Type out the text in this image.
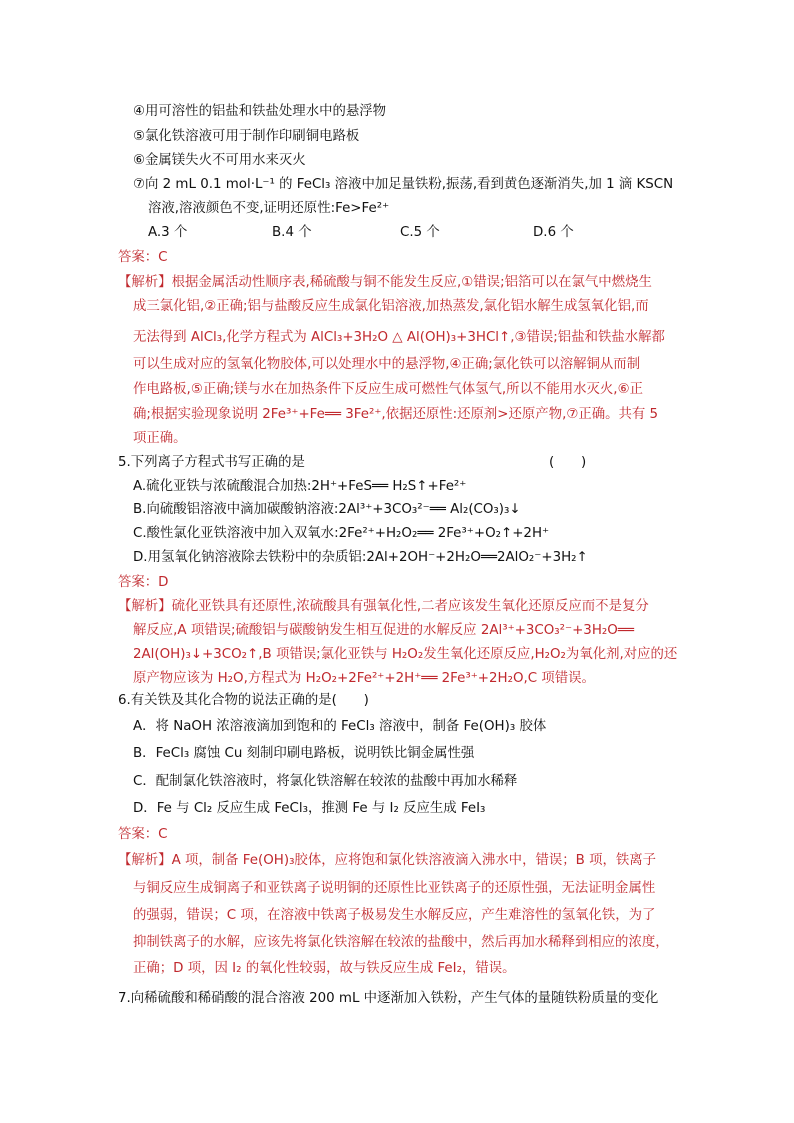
④用可溶性的铝盐和铁盐处理水中的悬浮物
⑤氯化铁溶液可用于制作印刷铜电路板
⑥金属镁失火不可用水来灭火
⑦向 2 mL 0.1 mol·L⁻¹ 的 FeCl₃ 溶液中加足量铁粉,振荡,看到黄色逐渐消失,加 1 滴 KSCN
溶液,溶液颜色不变,证明还原性:Fe>Fe²⁺
A.3 个	B.4 个	C.5 个	D.6 个
答案：C
【解析】根据金属活动性顺序表,稀硫酸与铜不能发生反应,①错误;铝箔可以在氯气中燃烧生
成三氯化铝,②正确;铝与盐酸反应生成氯化铝溶液,加热蒸发,氯化铝水解生成氢氧化铝,而
无法得到 AlCl₃,化学方程式为 AlCl₃+3H₂O △ Al(OH)₃+3HCl↑,③错误;铝盐和铁盐水解都
可以生成对应的氢氧化物胶体,可以处理水中的悬浮物,④正确;氯化铁可以溶解铜从而制
作电路板,⑤正确;镁与水在加热条件下反应生成可燃性气体氢气,所以不能用水灭火,⑥正
确;根据实验现象说明 2Fe³⁺+Fe══ 3Fe²⁺,依据还原性:还原剂>还原产物,⑦正确。共有 5
项正确。
5.下列离子方程式书写正确的是	(　　)
A.硫化亚铁与浓硫酸混合加热:2H⁺+FeS══ H₂S↑+Fe²⁺
B.向硫酸铝溶液中滴加碳酸钠溶液:2Al³⁺+3CO₃²⁻══ Al₂(CO₃)₃↓
C.酸性氯化亚铁溶液中加入双氧水:2Fe²⁺+H₂O₂══ 2Fe³⁺+O₂↑+2H⁺
D.用氢氧化钠溶液除去铁粉中的杂质铝:2Al+2OH⁻+2H₂O══2AlO₂⁻+3H₂↑
答案：D
【解析】硫化亚铁具有还原性,浓硫酸具有强氧化性,二者应该发生氧化还原反应而不是复分
解反应,A 项错误;硫酸铝与碳酸钠发生相互促进的水解反应 2Al³⁺+3CO₃²⁻+3H₂O══
2Al(OH)₃↓+3CO₂↑,B 项错误;氯化亚铁与 H₂O₂发生氧化还原反应,H₂O₂为氧化剂,对应的还
原产物应该为 H₂O,方程式为 H₂O₂+2Fe²⁺+2H⁺══ 2Fe³⁺+2H₂O,C 项错误。
6.有关铁及其化合物的说法正确的是(　　)
A．将 NaOH 浓溶液滴加到饱和的 FeCl₃ 溶液中，制备 Fe(OH)₃ 胶体
B．FeCl₃ 腐蚀 Cu 刻制印刷电路板，说明铁比铜金属性强
C．配制氯化铁溶液时，将氯化铁溶解在较浓的盐酸中再加水稀释
D．Fe 与 Cl₂ 反应生成 FeCl₃，推测 Fe 与 I₂ 反应生成 FeI₃
答案：C
【解析】A 项，制备 Fe(OH)₃胶体，应将饱和氯化铁溶液滴入沸水中，错误；B 项，铁离子
与铜反应生成铜离子和亚铁离子说明铜的还原性比亚铁离子的还原性强，无法证明金属性
的强弱，错误；C 项，在溶液中铁离子极易发生水解反应，产生难溶性的氢氧化铁，为了
抑制铁离子的水解，应该先将氯化铁溶解在较浓的盐酸中，然后再加水稀释到相应的浓度，
正确；D 项，因 I₂ 的氧化性较弱，故与铁反应生成 FeI₂，错误。
7.向稀硫酸和稀硝酸的混合溶液 200 mL 中逐渐加入铁粉，产生气体的量随铁粉质量的变化
